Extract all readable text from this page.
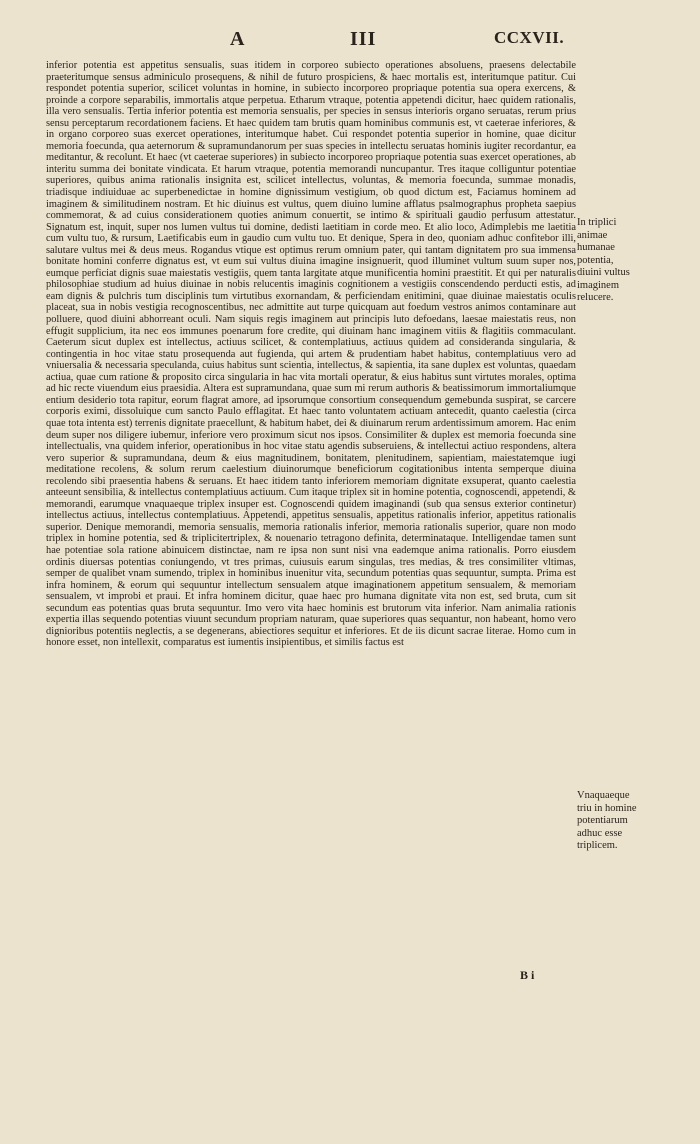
A	III	CCXVII.

inferior potentia est appetitus sensualis, suas itidem in corporeo subiecto operationes absoluens, praesens delectabile praeteritumque sensus adminiculo prosequens, & nihil de futuro prospiciens, & haec mortalis est, interitumque patitur. Cui respondet potentia superior, scilicet voluntas in homine, in subiecto incorporeo propriaque potentia sua opera exercens, & proinde a corpore separabilis, immortalis atque perpetua. Etharum vtraque, potentia appetendi dicitur, haec quidem rationalis, illa vero sensualis. Tertia inferior potentia est memoria sensualis, per species in sensus interioris organo seruatas, rerum prius sensu perceptarum recordationem faciens. Et haec quidem tam brutis quam hominibus communis est, vt caeterae inferiores, & in organo corporeo suas exercet operationes, interitumque habet. Cui respondet potentia superior in homine, quae dicitur memoria foecunda, qua aeternorum & supramundanorum per suas species in intellectu seruatas hominis iugiter recordantur, ea meditantur, & recolunt. Et haec (vt caeterae superiores) in subiecto incorporeo propriaque potentia suas exercet operationes, ab interitu summa dei bonitate vindicata. Et harum vtraque, potentia memorandi nuncupantur. Tres itaque colliguntur potentiae superiores, quibus anima rationalis insignita est, scilicet intellectus, voluntas, & memoria foecunda, summae monadis, triadisque indiuiduae ac superbenedictae in homine dignissimum vestigium, ob quod dictum est, Faciamus hominem ad imaginem & similitudinem nostram. Et hic diuinus est vultus, quem diuino lumine afflatus psalmographus propheta saepius commemorat, & ad cuius considerationem quoties animum conuertit, se intimo & spirituali gaudio perfusum attestatur. Signatum est, inquit, super nos lumen vultus tui domine, dedisti laetitiam in corde meo. Et alio loco, Adimplebis me laetitia cum vultu tuo, & rursum, Laetificabis eum in gaudio cum vultu tuo. Et denique, Spera in deo, quoniam adhuc confitebor illi, salutare vultus mei & deus meus. Rogandus vtique est optimus rerum omnium pater, qui tantam dignitatem pro sua immensa bonitate homini conferre dignatus est, vt eum sui vultus diuina imagine insignuerit, quod illuminet vultum suum super nos, eumque perficiat dignis suae maiestatis vestigiis, quem tanta largitate atque munificentia homini praestitit. Et qui per naturalis philosophiae studium ad huius diuinae in nobis relucentis imaginis cognitionem a vestigiis conscendendo perducti estis, ad eam dignis & pulchris tum disciplinis tum virtutibus exornandam, & perficiendam enitimini, quae diuinae maiestatis oculis placeat, sua in nobis vestigia recognoscentibus, nec admittite aut turpe quicquam aut foedum vestros animos contaminare aut polluere, quod diuini abhorreant oculi. Nam siquis regis imaginem aut principis luto defoedans, laesae maiestatis reus, non effugit supplicium, ita nec eos immunes poenarum fore credite, qui diuinam hanc imaginem vitiis & flagitiis commaculant. Caeterum sicut duplex est intellectus, actiuus scilicet, & contemplatiuus, actiuus quidem ad consideranda singularia, & contingentia in hoc vitae statu prosequenda aut fugienda, qui artem & prudentiam habet habitus, contemplatiuus vero ad vniuersalia & necessaria speculanda, cuius habitus sunt scientia, intellectus, & sapientia, ita sane duplex est voluntas, quaedam actiua, quae cum ratione & proposito circa singularia in hac vita mortali operatur, & eius habitus sunt virtutes morales, optima ad hic recte viuendum eius praesidia. Altera est supramundana, quae sum mi rerum authoris & beatissimorum immortaliumque entium desiderio tota rapitur, eorum flagrat amore, ad ipsorumque consortium consequendum gemebunda suspirat, se carcere corporis eximi, dissoluique cum sancto Paulo efflagitat. Et haec tanto voluntatem actiuam antecedit, quanto caelestia (circa quae tota intenta est) terrenis dignitate praecellunt, & habitum habet, dei & diuinarum rerum ardentissimum amorem. Hac enim deum super nos diligere iubemur, inferiore vero proximum sicut nos ipsos. Consimiliter & duplex est memoria foecunda sine intellectualis, vna quidem inferior, operationibus in hoc vitae statu agendis subseruiens, & intellectui actiuo respondens, altera vero superior & supramundana, deum & eius magnitudinem, bonitatem, plenitudinem, sapientiam, maiestatemque iugi meditatione recolens, & solum rerum caelestium diuinorumque beneficiorum cogitationibus intenta semperque diuina recolendo sibi praesentia habens & seruans. Et haec itidem tanto inferiorem memoriam dignitate exsuperat, quanto caelestia anteeunt sensibilia, & intellectus contemplatiuus actiuum. Cum itaque triplex sit in homine potentia, cognoscendi, appetendi, & memorandi, earumque vnaquaeque triplex insuper est. Cognoscendi quidem imaginandi (sub qua sensus exterior continetur) intellectus actiuus, intellectus contemplatiuus. Appetendi, appetitus sensualis, appetitus rationalis inferior, appetitus rationalis superior. Denique memorandi, memoria sensualis, memoria rationalis inferior, memoria rationalis superior, quare non modo triplex in homine potentia, sed & triplicitertriplex, & nouenario tetragono definita, determinataque. Intelligendae tamen sunt hae potentiae sola ratione abinuicem distinctae, nam re ipsa non sunt nisi vna eademque anima rationalis. Porro eiusdem ordinis diuersas potentias coniungendo, vt tres primas, cuiusuis earum singulas, tres medias, & tres consimiliter vltimas, semper de qualibet vnam sumendo, triplex in hominibus inuenitur vita, secundum potentias quas sequuntur, sumpta. Prima est infra hominem, & eorum qui sequuntur intellectum sensualem atque imaginationem appetitum sensualem, & memoriam sensualem, vt improbi et praui. Et infra hominem dicitur, quae haec pro humana dignitate vita non est, sed bruta, cum sit secundum eas potentias quas bruta sequuntur. Imo vero vita haec hominis est brutorum vita inferior. Nam animalia rationis expertia illas sequendo potentias viuunt secundum propriam naturam, quae superiores quas sequantur, non habeant, homo vero dignioribus potentiis neglectis, a se degenerans, abiectiores sequitur et inferiores. Et de iis dicunt sacrae literae. Homo cum in honore esset, non intellexit, comparatus est iumentis insipientibus, et similis factus est

In triplici animae humanae potentia, diuini vultus imaginem relucere.
Vnaquaeque triu in homine potentiarum adhuc esse triplicem.
B i
